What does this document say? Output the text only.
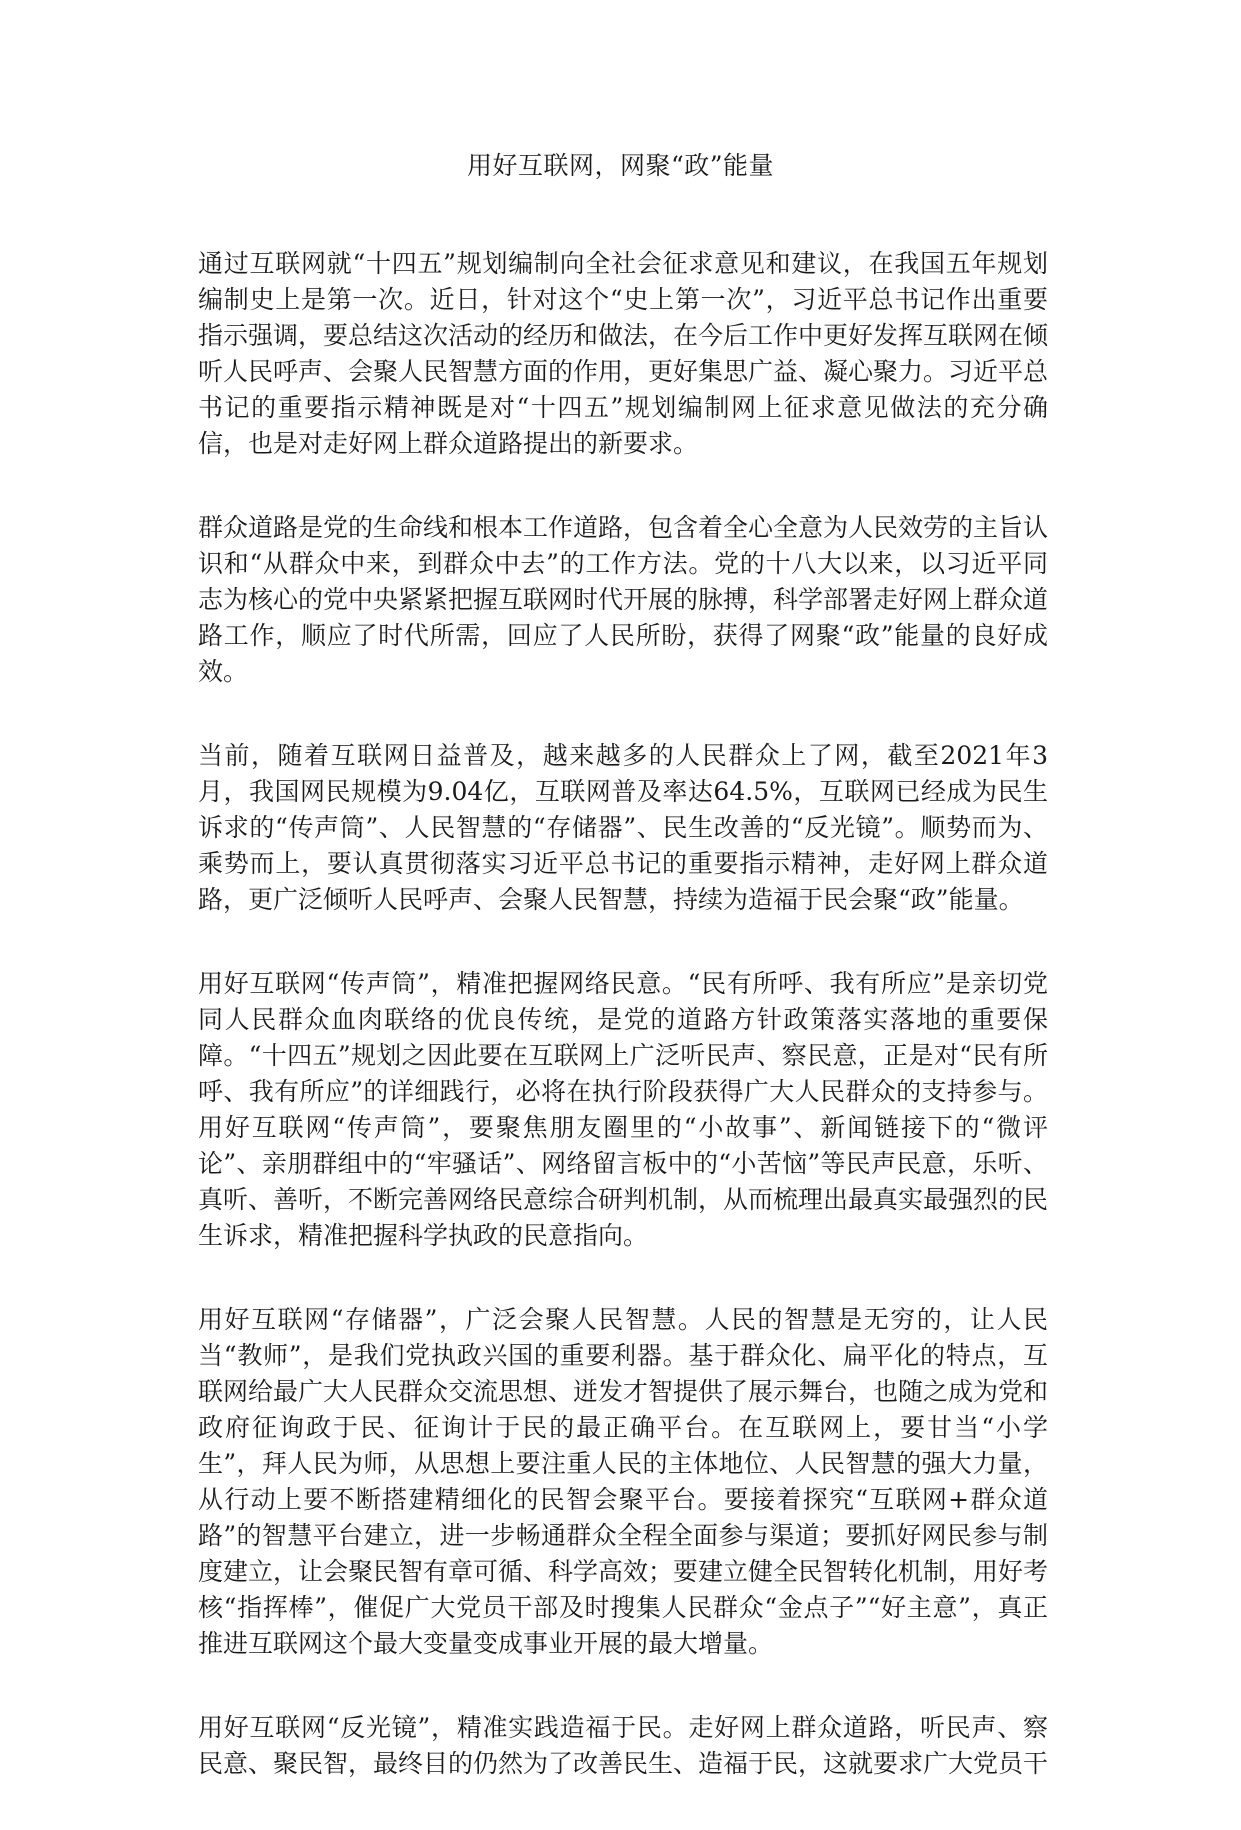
用好互联网，网聚“政”能量

通过互联网就“十四五”规划编制向全社会征求意见和建议，在我国五年规划编制史上是第一次。近日，针对这个“史上第一次”，习近平总书记作出重要指示强调，要总结这次活动的经历和做法，在今后工作中更好发挥互联网在倾听人民呼声、会聚人民智慧方面的作用，更好集思广益、凝心聚力。习近平总书记的重要指示精神既是对“十四五”规划编制网上征求意见做法的充分确信，也是对走好网上群众道路提出的新要求。

群众道路是党的生命线和根本工作道路，包含着全心全意为人民效劳的主旨认识和“从群众中来，到群众中去”的工作方法。党的十八大以来，以习近平同志为核心的党中央紧紧把握互联网时代开展的脉搏，科学部署走好网上群众道路工作，顺应了时代所需，回应了人民所盼，获得了网聚“政”能量的良好成效。

当前，随着互联网日益普及，越来越多的人民群众上了网，截至2021年3月，我国网民规模为9.04亿，互联网普及率达64.5%，互联网已经成为民生诉求的“传声筒”、人民智慧的“存储器”、民生改善的“反光镜”。顺势而为、乘势而上，要认真贯彻落实习近平总书记的重要指示精神，走好网上群众道路，更广泛倾听人民呼声、会聚人民智慧，持续为造福于民会聚“政”能量。

用好互联网“传声筒”，精准把握网络民意。“民有所呼、我有所应”是亲切党同人民群众血肉联络的优良传统，是党的道路方针政策落实落地的重要保障。“十四五”规划之因此要在互联网上广泛听民声、察民意，正是对“民有所呼、我有所应”的详细践行，必将在执行阶段获得广大人民群众的支持参与。用好互联网“传声筒”，要聚焦朋友圈里的“小故事”、新闻链接下的“微评论”、亲朋群组中的“牢骚话”、网络留言板中的“小苦恼”等民声民意，乐听、真听、善听，不断完善网络民意综合研判机制，从而梳理出最真实最强烈的民生诉求，精准把握科学执政的民意指向。

用好互联网“存储器”，广泛会聚人民智慧。人民的智慧是无穷的，让人民当“教师”，是我们党执政兴国的重要利器。基于群众化、扁平化的特点，互联网给最广大人民群众交流思想、迸发才智提供了展示舞台，也随之成为党和政府征询政于民、征询计于民的最正确平台。在互联网上，要甘当“小学生”，拜人民为师，从思想上要注重人民的主体地位、人民智慧的强大力量，从行动上要不断搭建精细化的民智会聚平台。要接着探究“互联网+群众道路”的智慧平台建立，进一步畅通群众全程全面参与渠道；要抓好网民参与制度建立，让会聚民智有章可循、科学高效；要建立健全民智转化机制，用好考核“指挥棒”，催促广大党员干部及时搜集人民群众“金点子”“好主意”，真正推进互联网这个最大变量变成事业开展的最大增量。

用好互联网“反光镜”，精准实践造福于民。走好网上群众道路，听民声、察民意、聚民智，最终目的仍然为了改善民生、造福于民，这就要求广大党员干
